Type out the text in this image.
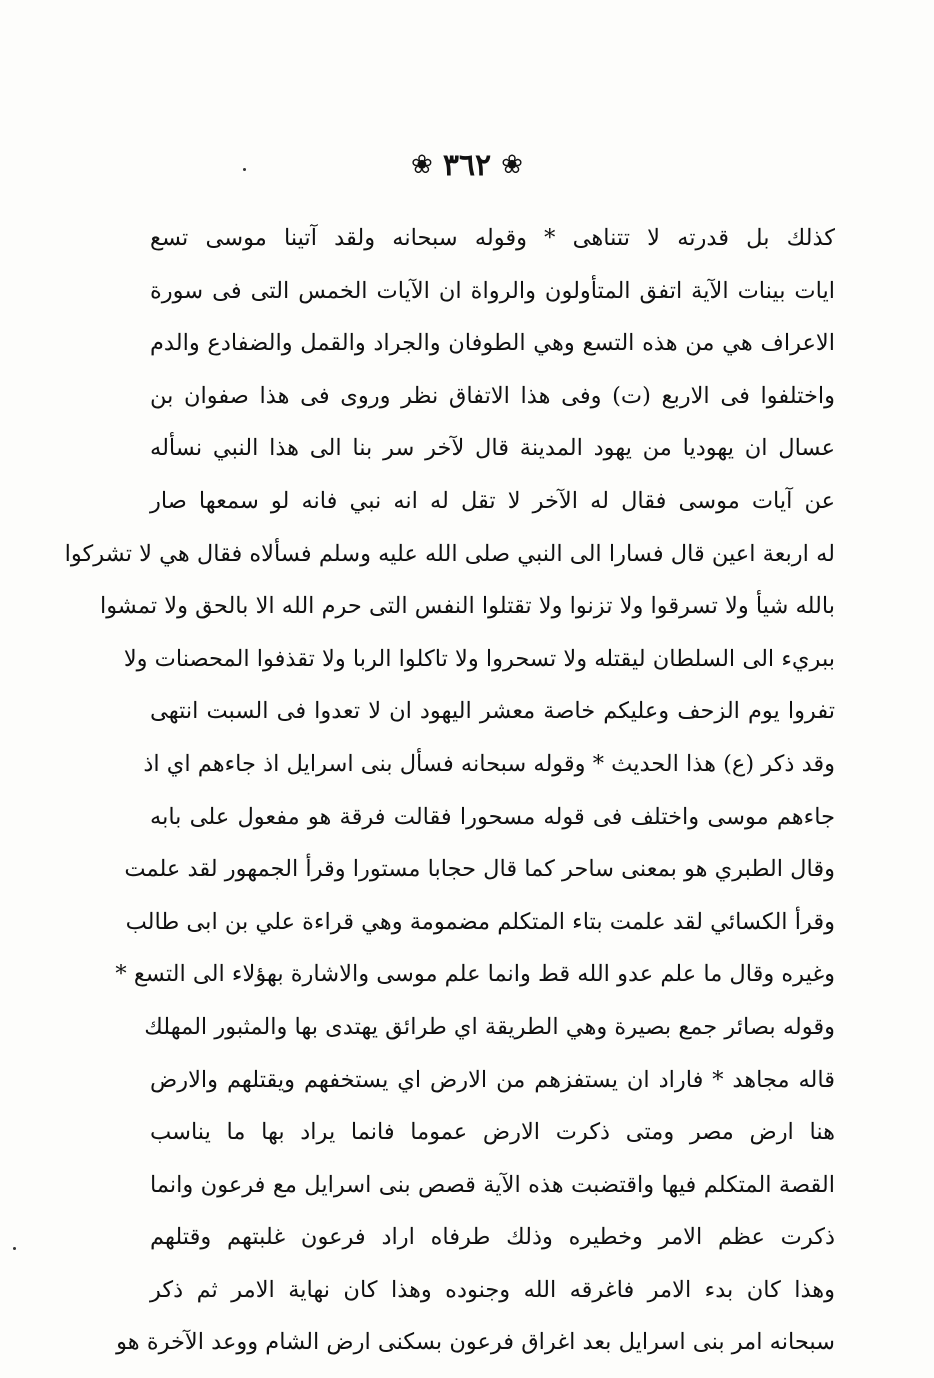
❀
٣٦٢
❀
كذلك بل قدرته لا تتناهى * وقوله سبحانه ولقد آتينا موسى تسع
ايات بينات الآية اتفق المتأولون والرواة ان الآيات الخمس التى فى سورة
الاعراف هي من هذه التسع وهي الطوفان والجراد والقمل والضفادع والدم
واختلفوا فى الاربع (ت) وفى هذا الاتفاق نظر وروى فى هذا صفوان بن
عسال ان يهوديا من يهود المدينة قال لآخر سر بنا الى هذا النبي نسأله
عن آيات موسى فقال له الآخر لا تقل له انه نبي فانه لو سمعها صار
له اربعة اعين قال فسارا الى النبي صلى الله عليه وسلم فسألاه فقال هي لا تشركوا
بالله شيأ ولا تسرقوا ولا تزنوا ولا تقتلوا النفس التى حرم الله الا بالحق ولا تمشوا
ببريء الى السلطان ليقتله ولا تسحروا ولا تاكلوا الربا ولا تقذفوا المحصنات ولا
تفروا يوم الزحف وعليكم خاصة معشر اليهود ان لا تعدوا فى السبت انتهى
وقد ذكر (ع) هذا الحديث * وقوله سبحانه فسأل بنى اسرايل اذ جاءهم اي اذ
جاءهم موسى واختلف فى قوله مسحورا فقالت فرقة هو مفعول على بابه
وقال الطبري هو بمعنى ساحر كما قال حجابا مستورا وقرأ الجمهور لقد علمت
وقرأ الكسائي لقد علمت بتاء المتكلم مضمومة وهي قراءة علي بن ابى طالب
وغيره وقال ما علم عدو الله قط وانما علم موسى والاشارة بهؤلاء الى التسع *
وقوله بصائر جمع بصيرة وهي الطريقة اي طرائق يهتدى بها والمثبور المهلك
قاله مجاهد * فاراد ان يستفزهم من الارض اي يستخفهم ويقتلهم والارض
هنا ارض مصر ومتى ذكرت الارض عموما فانما يراد بها ما يناسب
القصة المتكلم فيها واقتضبت هذه الآية قصص بنى اسرايل مع فرعون وانما
ذكرت عظم الامر وخطيره وذلك طرفاه اراد فرعون غلبتهم وقتلهم
وهذا كان بدء الامر فاغرقه الله وجنوده وهذا كان نهاية الامر ثم ذكر
سبحانه امر بنى اسرايل بعد اغراق فرعون بسكنى ارض الشام ووعد الآخرة هو
